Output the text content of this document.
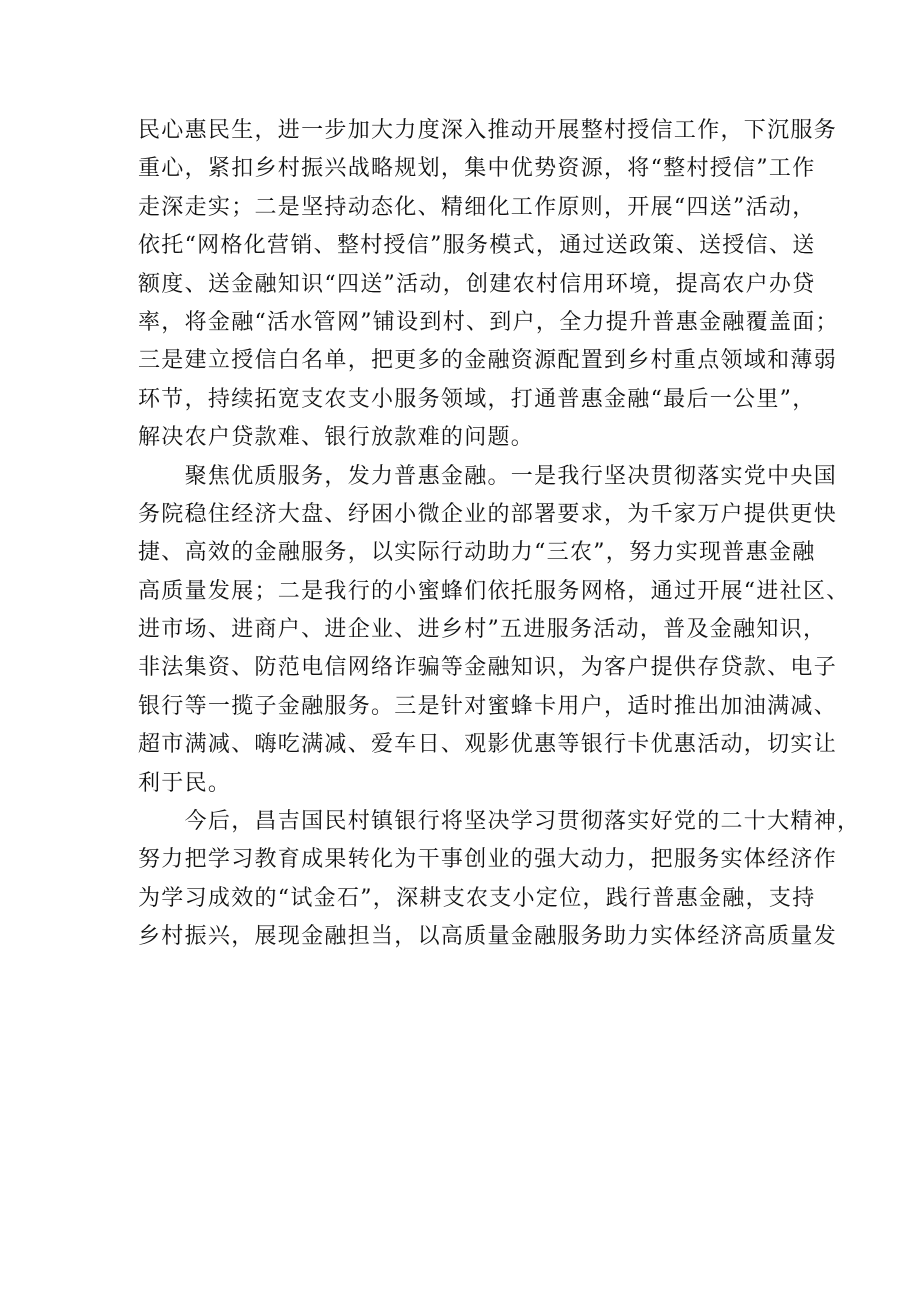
民心惠民生，进一步加大力度深入推动开展整村授信工作，下沉服务
重心，紧扣乡村振兴战略规划，集中优势资源，将“整村授信”工作
走深走实；二是坚持动态化、精细化工作原则，开展“四送”活动，
依托“网格化营销、整村授信”服务模式，通过送政策、送授信、送
额度、送金融知识“四送”活动，创建农村信用环境，提高农户办贷
率，将金融“活水管网”铺设到村、到户，全力提升普惠金融覆盖面；
三是建立授信白名单，把更多的金融资源配置到乡村重点领域和薄弱
环节，持续拓宽支农支小服务领域，打通普惠金融“最后一公里”，
解决农户贷款难、银行放款难的问题。
　　聚焦优质服务，发力普惠金融。一是我行坚决贯彻落实党中央国
务院稳住经济大盘、纾困小微企业的部署要求，为千家万户提供更快
捷、高效的金融服务，以实际行动助力“三农”，努力实现普惠金融
高质量发展；二是我行的小蜜蜂们依托服务网格，通过开展“进社区、
进市场、进商户、进企业、进乡村”五进服务活动，普及金融知识，
非法集资、防范电信网络诈骗等金融知识，为客户提供存贷款、电子
银行等一揽子金融服务。三是针对蜜蜂卡用户，适时推出加油满减、
超市满减、嗨吃满减、爱车日、观影优惠等银行卡优惠活动，切实让
利于民。
　　今后，昌吉国民村镇银行将坚决学习贯彻落实好党的二十大精神，
努力把学习教育成果转化为干事创业的强大动力，把服务实体经济作
为学习成效的“试金石”，深耕支农支小定位，践行普惠金融，支持
乡村振兴，展现金融担当，以高质量金融服务助力实体经济高质量发
